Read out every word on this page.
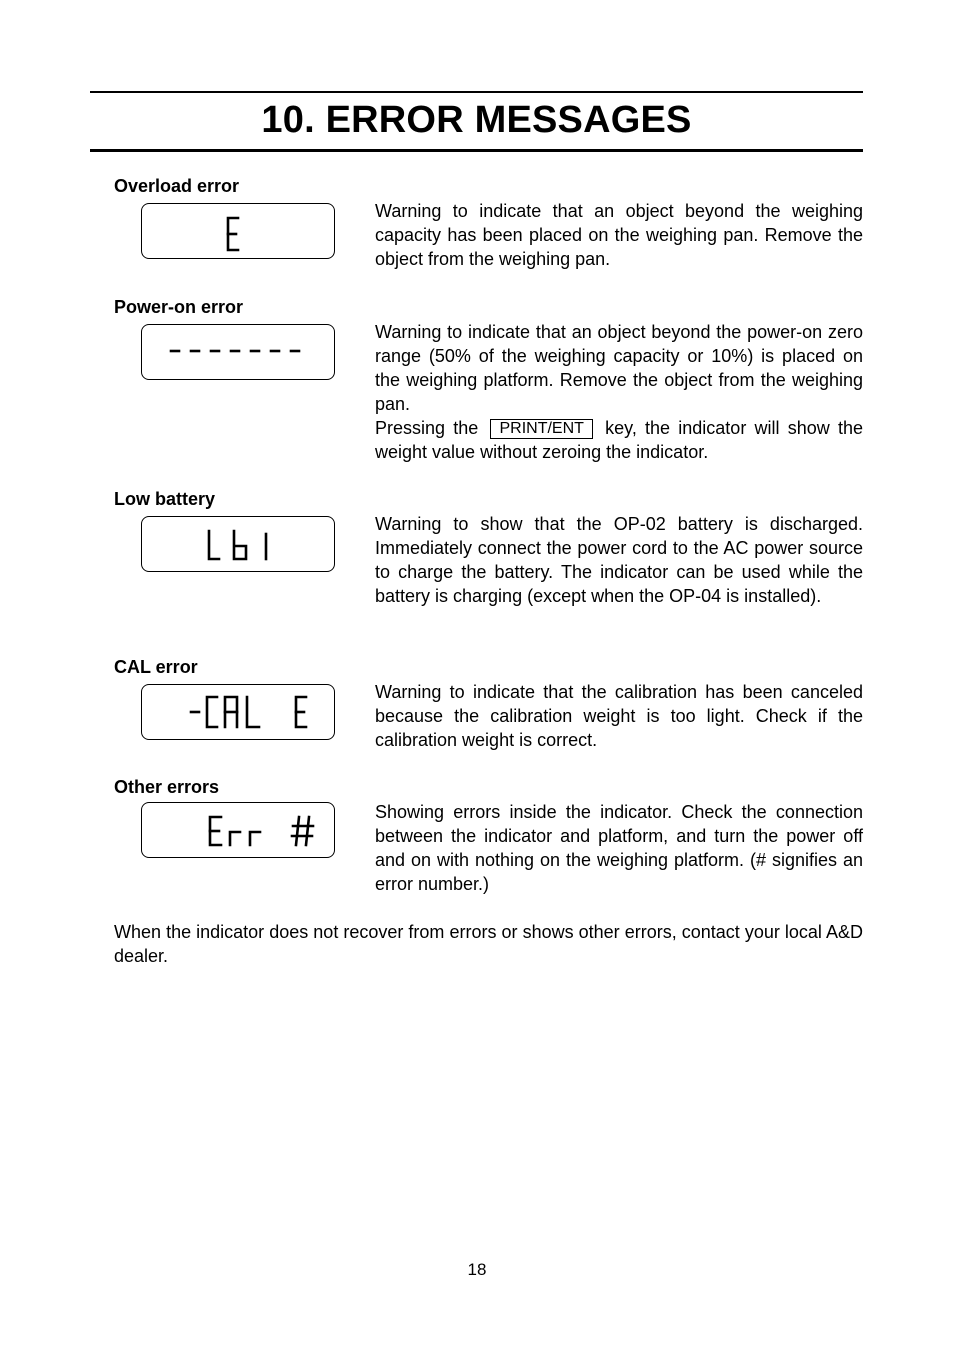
10. ERROR MESSAGES
Overload error

Warning to indicate that an object beyond the weighing capacity has been placed on the weighing pan. Remove the object from the weighing pan.

Power-on error

Warning to indicate that an object beyond the power-on zero range (50% of the weighing capacity or 10%) is placed on the weighing platform. Remove the object from the weighing pan.

Pressing the PRINT/ENT key, the indicator will show the weight value without zeroing the indicator.

Low battery

Warning to show that the OP-02 battery is discharged. Immediately connect the power cord to the AC power source to charge the battery. The indicator can be used while the battery is charging (except when the OP-04 is installed).

CAL error

Warning to indicate that the calibration has been canceled because the calibration weight is too light. Check if the calibration weight is correct.

Other errors

Showing errors inside the indicator. Check the connection between the indicator and platform, and turn the power off and on with nothing on the weighing platform. (# signifies an error number.)

When the indicator does not recover from errors or shows other errors, contact your local A&D dealer.
18
